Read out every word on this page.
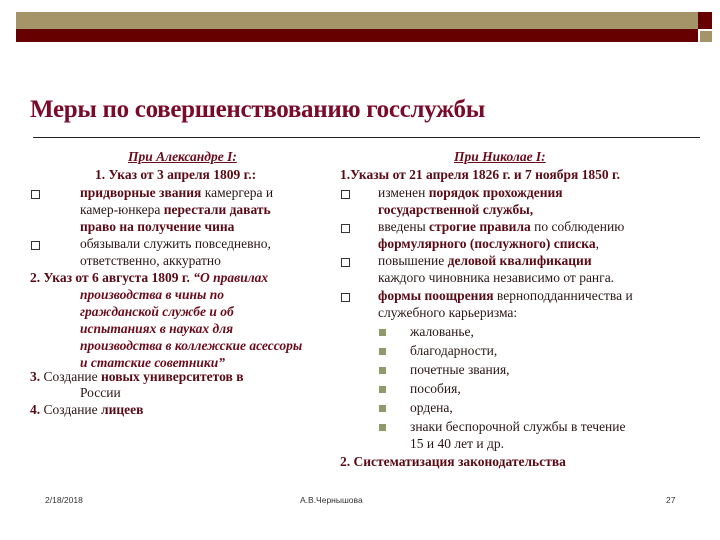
Меры по совершенствованию госслужбы
При Александре I:	При Николае I:
1. Указ от 3 апреля 1809 г.:
придворные звания камергера и
камер-юнкера перестали давать
право на получение чина
обязывали служить повседневно,
ответственно, аккуратно
2. Указ от 6 августа 1809 г. “О правилах
производства в чины по
гражданской службе и об
испытаниях в науках для
производства в коллежские асессоры
и статские советники”
3. Создание новых университетов в
России
4. Создание лицеев
1.Указы от 21 апреля 1826 г. и 7 ноября 1850 г.
изменен порядок прохождения
государственной службы,
введены строгие правила по соблюдению
формулярного (послужного) списка,
повышение деловой квалификации
каждого чиновника независимо от ранга.
формы поощрения верноподданничества и
служебного карьеризма:
жалованье,
благодарности,
почетные звания,
пособия,
ордена,
знаки беспорочной службы в течение
15 и 40 лет и др.
2. Систематизация законодательства
2/18/2018	А.В.Чернышова	27
